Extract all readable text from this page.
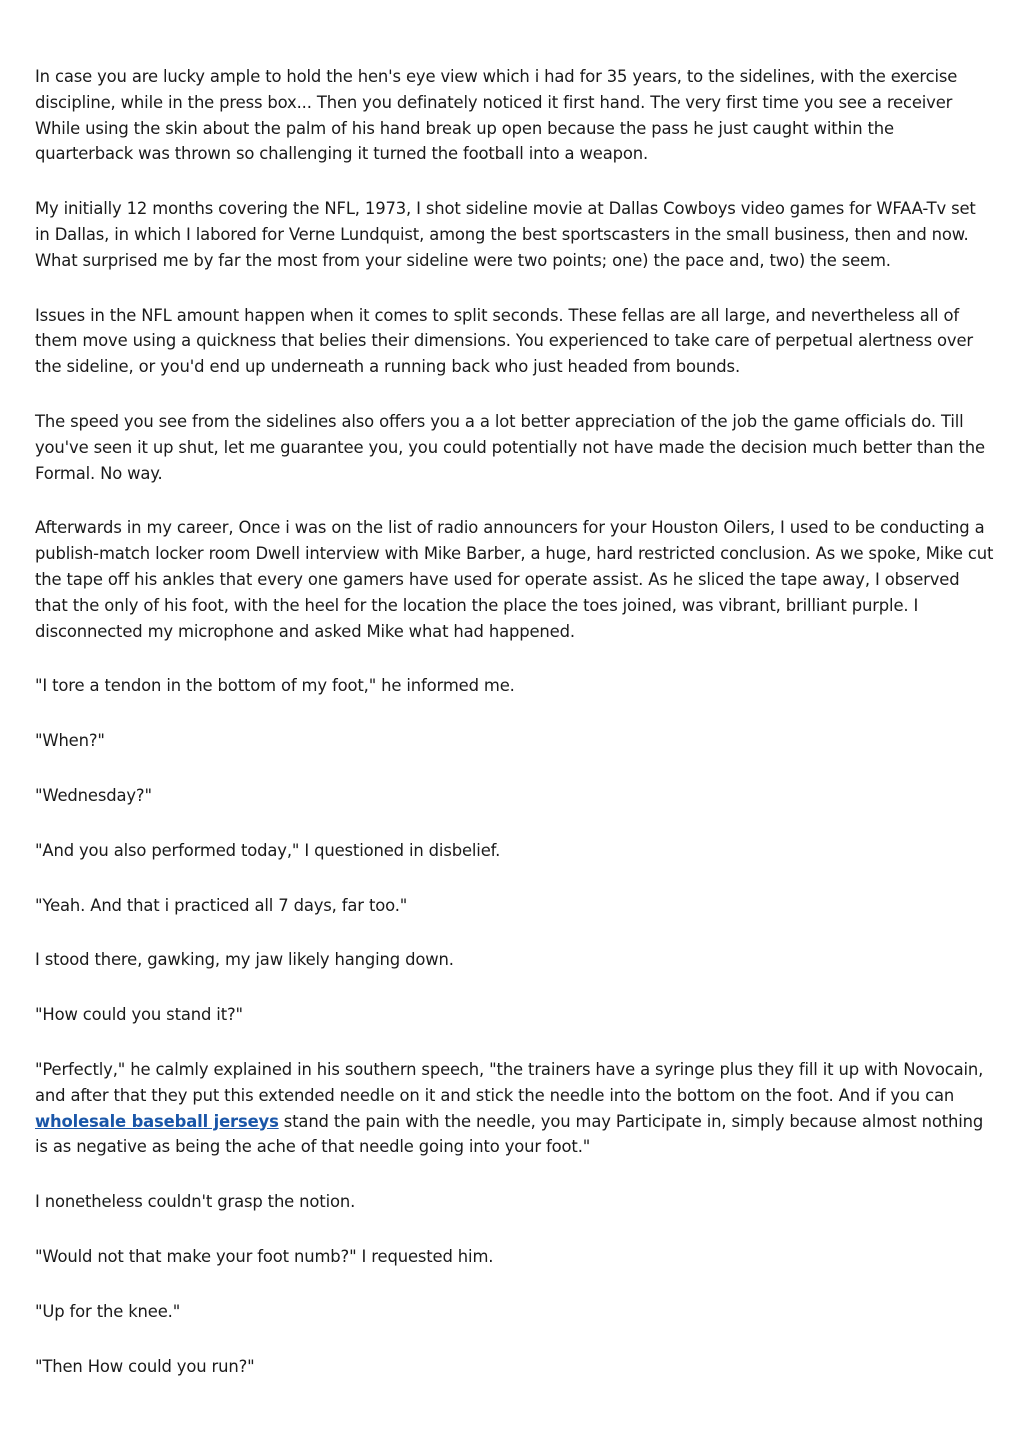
In case you are lucky ample to hold the hen's eye view which i had for 35 years, to the sidelines, with the exercise discipline, while in the press box... Then you definately noticed it first hand. The very first time you see a receiver While using the skin about the palm of his hand break up open because the pass he just caught within the quarterback was thrown so challenging it turned the football into a weapon.

My initially 12 months covering the NFL, 1973, I shot sideline movie at Dallas Cowboys video games for WFAA-Tv set in Dallas, in which I labored for Verne Lundquist, among the best sportscasters in the small business, then and now. What surprised me by far the most from your sideline were two points; one) the pace and, two) the seem.

Issues in the NFL amount happen when it comes to split seconds. These fellas are all large, and nevertheless all of them move using a quickness that belies their dimensions. You experienced to take care of perpetual alertness over the sideline, or you'd end up underneath a running back who just headed from bounds.

The speed you see from the sidelines also offers you a a lot better appreciation of the job the game officials do. Till you've seen it up shut, let me guarantee you, you could potentially not have made the decision much better than the Formal. No way.

Afterwards in my career, Once i was on the list of radio announcers for your Houston Oilers, I used to be conducting a publish-match locker room Dwell interview with Mike Barber, a huge, hard restricted conclusion. As we spoke, Mike cut the tape off his ankles that every one gamers have used for operate assist. As he sliced the tape away, I observed that the only of his foot, with the heel for the location the place the toes joined, was vibrant, brilliant purple. I disconnected my microphone and asked Mike what had happened.

"I tore a tendon in the bottom of my foot," he informed me.

"When?"

"Wednesday?"

"And you also performed today," I questioned in disbelief.

"Yeah. And that i practiced all 7 days, far too."

I stood there, gawking, my jaw likely hanging down.

"How could you stand it?"

"Perfectly," he calmly explained in his southern speech, "the trainers have a syringe plus they fill it up with Novocain, and after that they put this extended needle on it and stick the needle into the bottom on the foot. And if you can wholesale baseball jerseys stand the pain with the needle, you may Participate in, simply because almost nothing is as negative as being the ache of that needle going into your foot."

I nonetheless couldn't grasp the notion.

"Would not that make your foot numb?" I requested him.

"Up for the knee."

"Then How could you run?"
